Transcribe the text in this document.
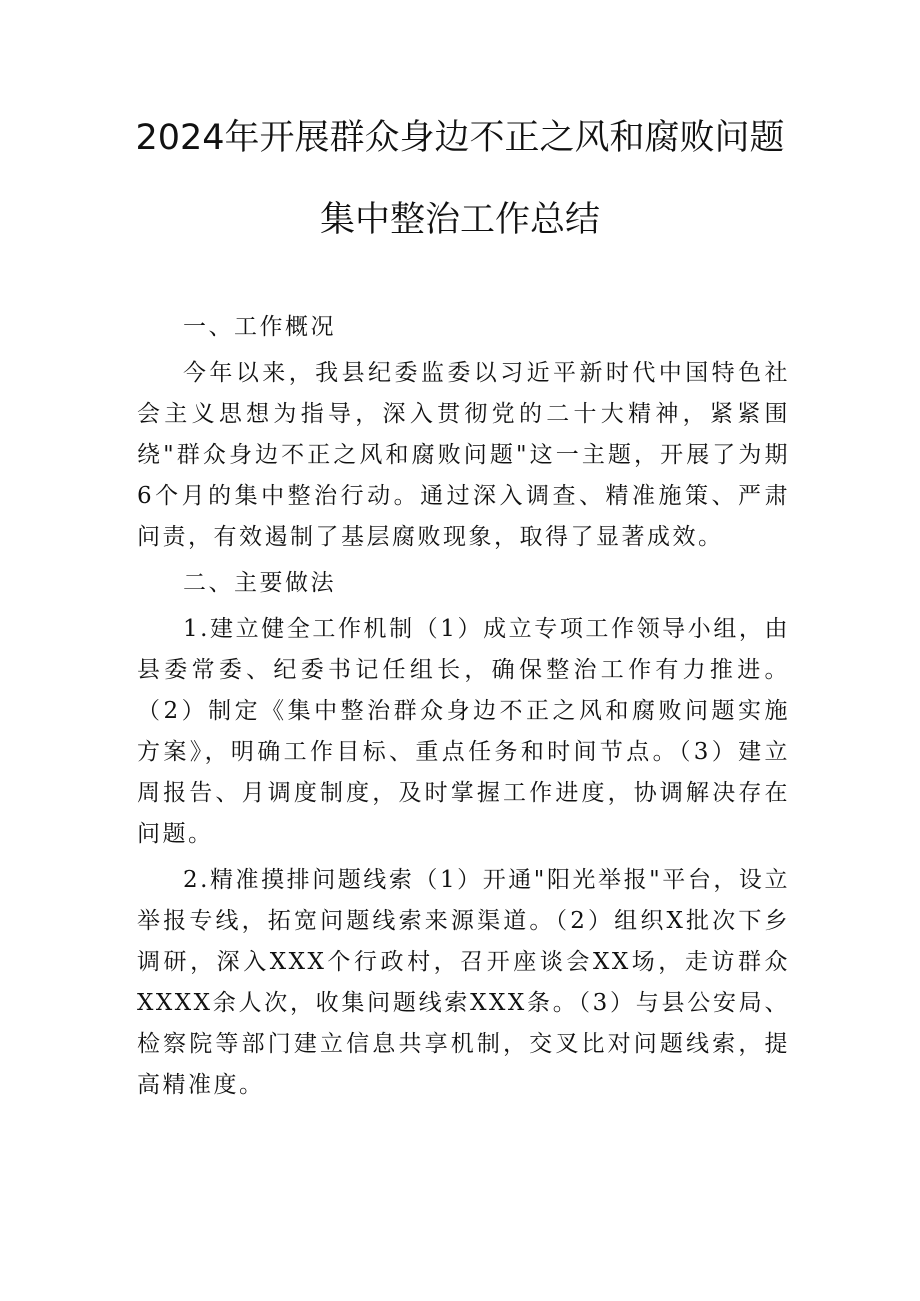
2024年开展群众身边不正之风和腐败问题
集中整治工作总结

一、工作概况

今年以来，我县纪委监委以习近平新时代中国特色社会主义思想为指导，深入贯彻党的二十大精神，紧紧围绕"群众身边不正之风和腐败问题"这一主题，开展了为期6个月的集中整治行动。通过深入调查、精准施策、严肃问责，有效遏制了基层腐败现象，取得了显著成效。

二、主要做法

1.建立健全工作机制（1）成立专项工作领导小组，由县委常委、纪委书记任组长，确保整治工作有力推进。（2）制定《集中整治群众身边不正之风和腐败问题实施方案》，明确工作目标、重点任务和时间节点。（3）建立周报告、月调度制度，及时掌握工作进度，协调解决存在问题。

2.精准摸排问题线索（1）开通"阳光举报"平台，设立举报专线，拓宽问题线索来源渠道。（2）组织X批次下乡调研，深入XXX个行政村，召开座谈会XX场，走访群众XXXX余人次，收集问题线索XXX条。（3）与县公安局、检察院等部门建立信息共享机制，交叉比对问题线索，提高精准度。
